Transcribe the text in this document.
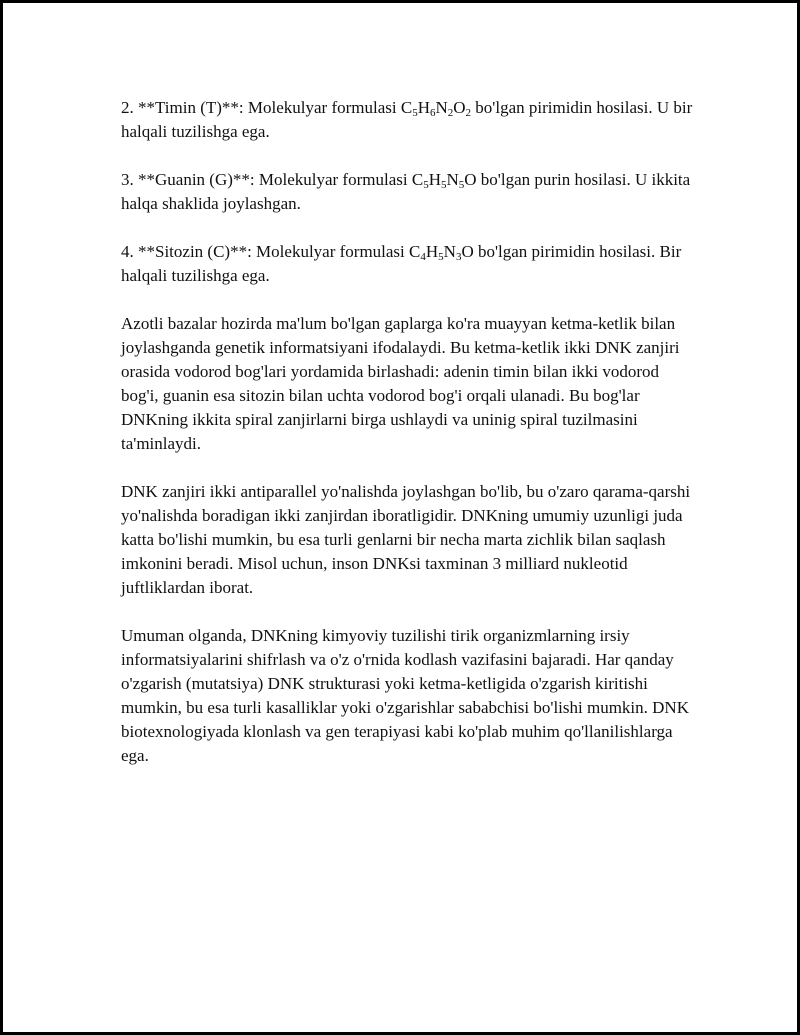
2. **Timin (T)**: Molekulyar formulasi $C_5H_6N_2O_2$ bo'lgan pirimidin hosilasi. U bir halqali tuzilishga ega.

3. **Guanin (G)**: Molekulyar formulasi $C_5H_5N_5O$ bo'lgan purin hosilasi. U ikkita halqa shaklida joylashgan.

4. **Sitozin (C)**: Molekulyar formulasi $C_4H_5N_3O$ bo'lgan pirimidin hosilasi. Bir halqali tuzilishga ega.

Azotli bazalar hozirda ma'lum bo'lgan gaplarga ko'ra muayyan ketma-ketlik bilan joylashganda genetik informatsiyani ifodalaydi. Bu ketma-ketlik ikki DNK zanjiri orasida vodorod bog'lari yordamida birlashadi: adenin timin bilan ikki vodorod bog'i, guanin esa sitozin bilan uchta vodorod bog'i orqali ulanadi. Bu bog'lar DNKning ikkita spiral zanjirlarni birga ushlaydi va uninig spiral tuzilmasini ta'minlaydi.

DNK zanjiri ikki antiparallel yo'nalishda joylashgan bo'lib, bu o'zaro qarama-qarshi yo'nalishda boradigan ikki zanjirdan iboratligidir. DNKning umumiy uzunligi juda katta bo'lishi mumkin, bu esa turli genlarni bir necha marta zichlik bilan saqlash imkonini beradi. Misol uchun, inson DNKsi taxminan 3 milliard nukleotid juftliklardan iborat.

Umuman olganda, DNKning kimyoviy tuzilishi tirik organizmlarning irsiy informatsiyalarini shifrlash va o'z o'rnida kodlash vazifasini bajaradi. Har qanday o'zgarish (mutatsiya) DNK strukturasi yoki ketma-ketligida o'zgarish kiritishi mumkin, bu esa turli kasalliklar yoki o'zgarishlar sababchisi bo'lishi mumkin. DNK biotexnologiyada klonlash va gen terapiyasi kabi ko'plab muhim qo'llanilishlarga ega.
